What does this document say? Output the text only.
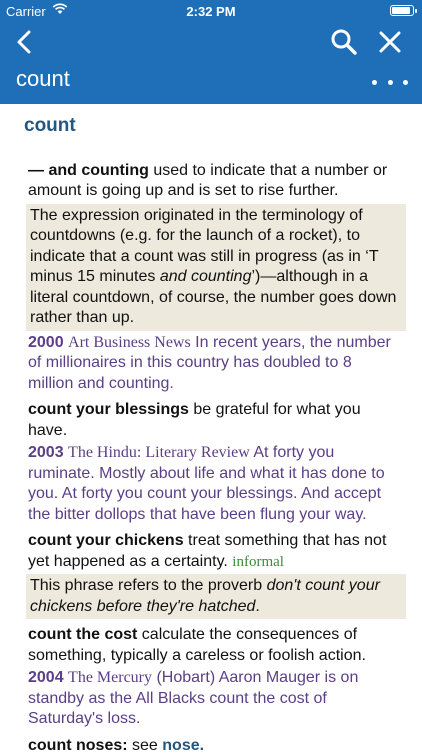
Carrier	2:32 PM
count
count
— and counting used to indicate that a number or amount is going up and is set to rise further.
The expression originated in the terminology of countdowns (e.g. for the launch of a rocket), to indicate that a count was still in progress (as in ‘T minus 15 minutes and counting’)—although in a literal countdown, of course, the number goes down rather than up.
2000 Art Business News In recent years, the number of millionaires in this country has doubled to 8 million and counting.
count your blessings be grateful for what you have.
2003 The Hindu: Literary Review At forty you ruminate. Mostly about life and what it has done to you. At forty you count your blessings. And accept the bitter dollops that have been flung your way.
count your chickens treat something that has not yet happened as a certainty. informal
This phrase refers to the proverb don't count your chickens before they're hatched.
count the cost calculate the consequences of something, typically a careless or foolish action.
2004 The Mercury (Hobart) Aaron Mauger is on standby as the All Blacks count the cost of Saturday's loss.
count noses: see nose.
